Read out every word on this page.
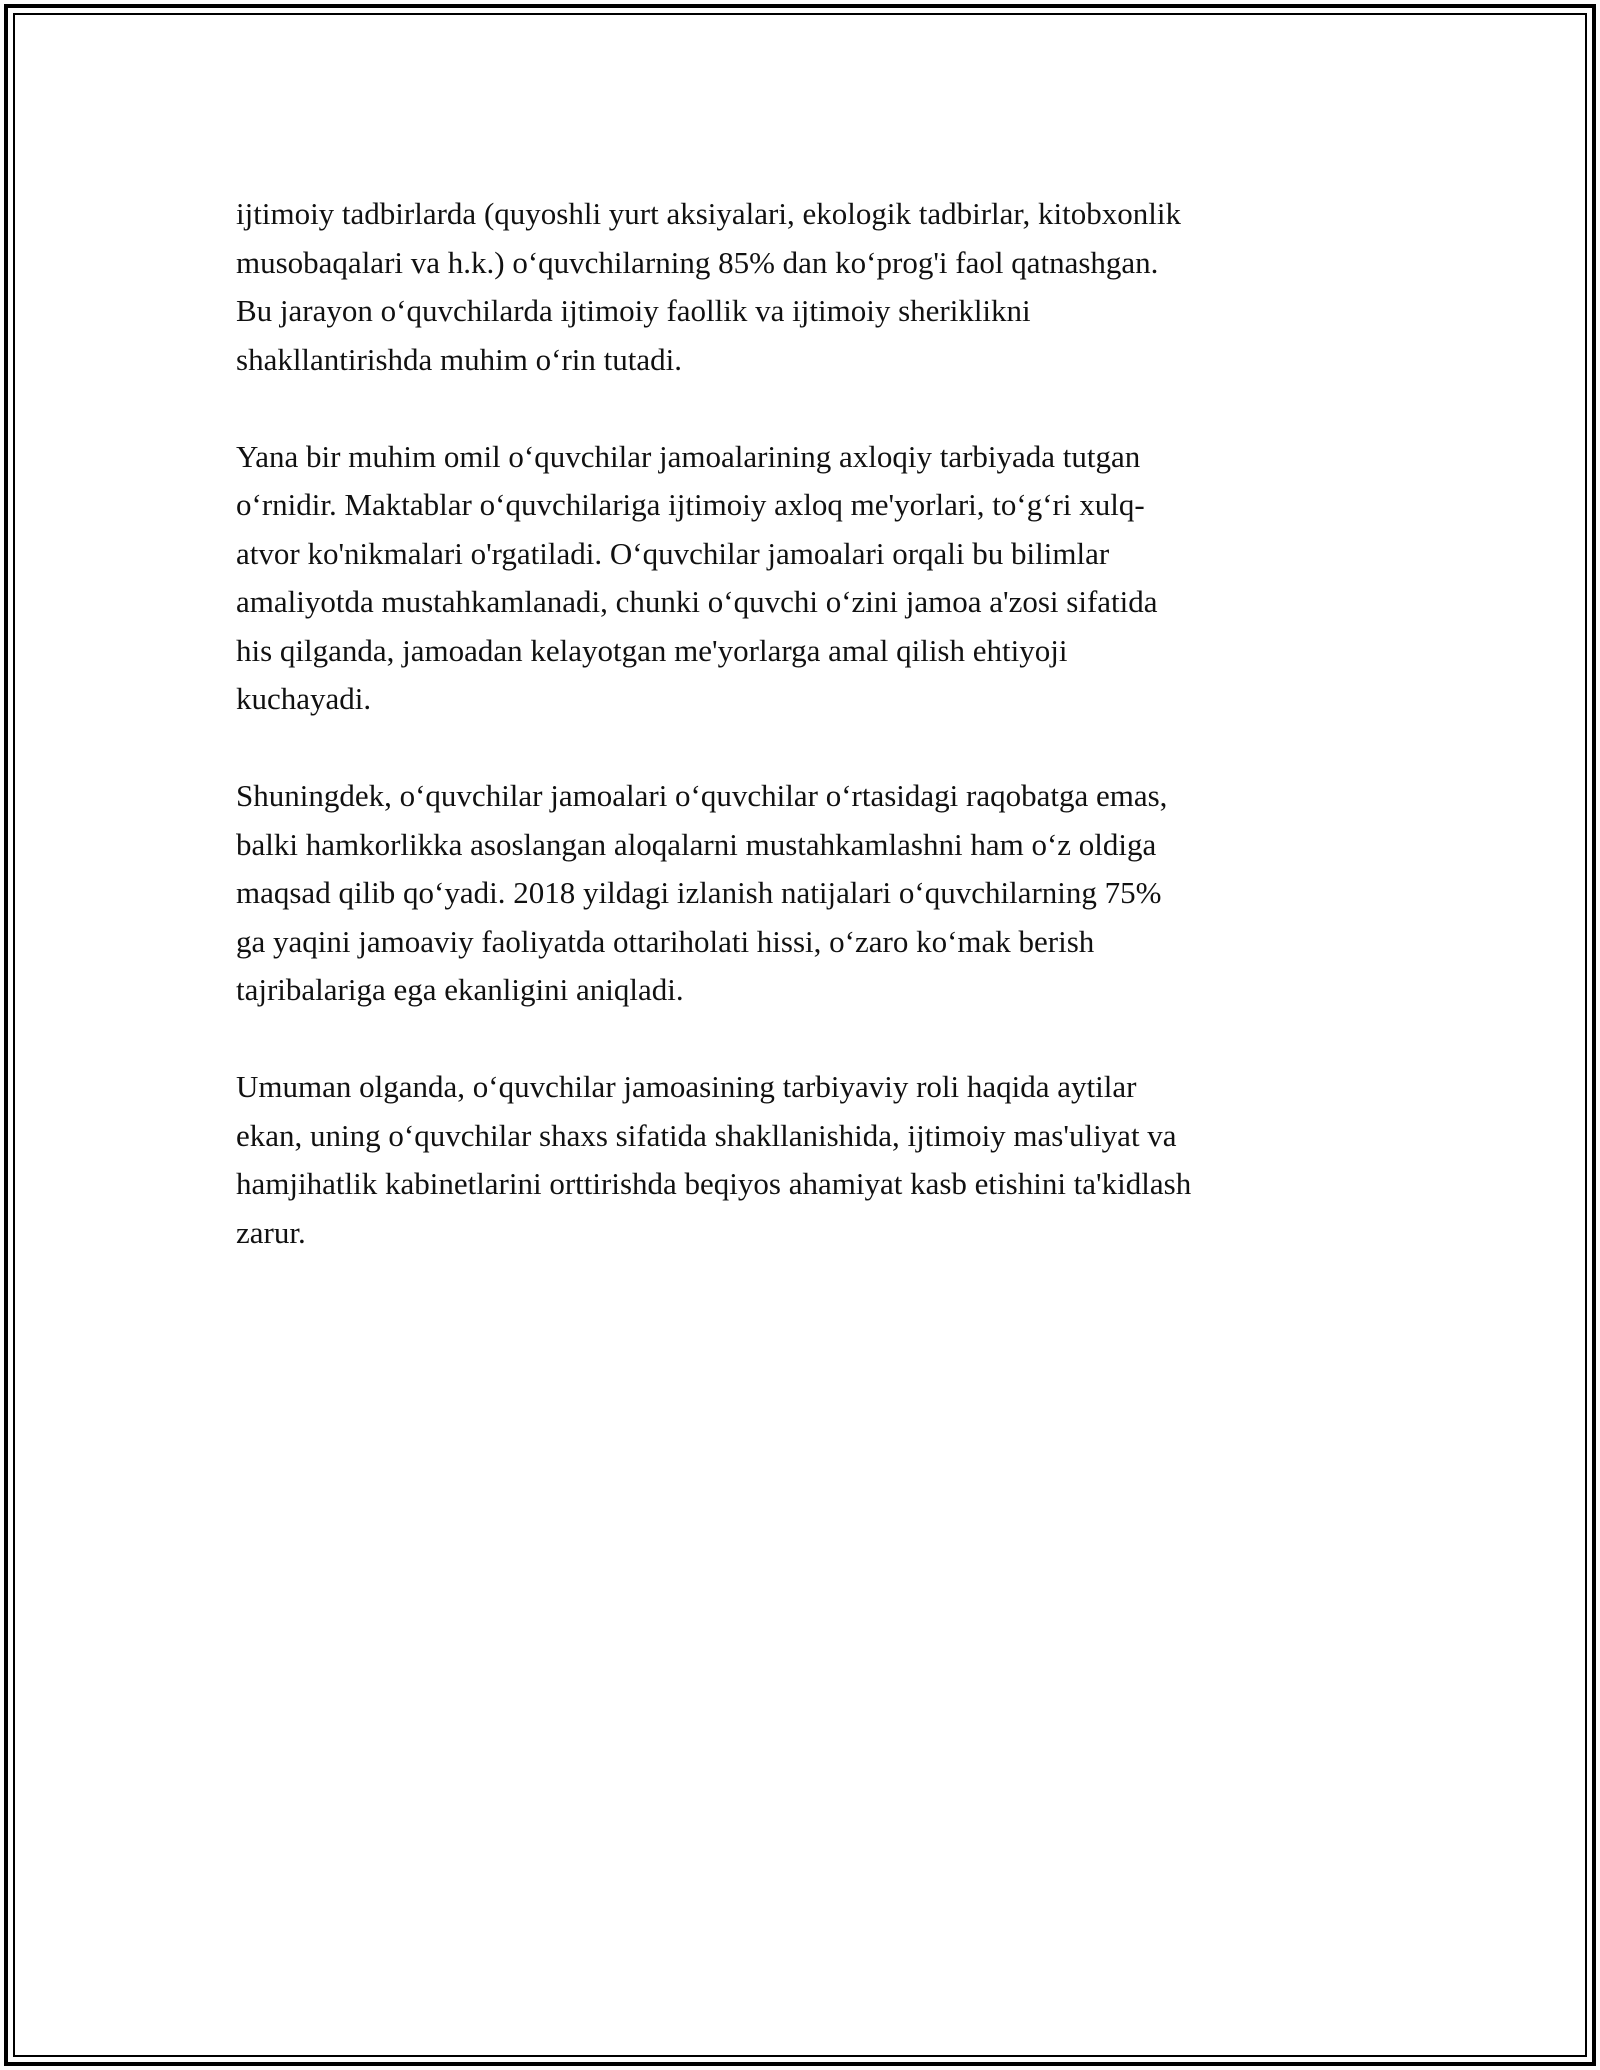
ijtimoiy tadbirlarda (quyoshli yurt aksiyalari, ekologik tadbirlar, kitobxonlik
musobaqalari va h.k.) o‘quvchilarning 85% dan ko‘prog'i faol qatnashgan.
Bu jarayon o‘quvchilarda ijtimoiy faollik va ijtimoiy sheriklikni
shakllantirishda muhim o‘rin tutadi.

Yana bir muhim omil o‘quvchilar jamoalarining axloqiy tarbiyada tutgan
o‘rnidir. Maktablar o‘quvchilariga ijtimoiy axloq me'yorlari, to‘g‘ri xulq-
atvor ko'nikmalari o'rgatiladi. O‘quvchilar jamoalari orqali bu bilimlar
amaliyotda mustahkamlanadi, chunki o‘quvchi o‘zini jamoa a'zosi sifatida
his qilganda, jamoadan kelayotgan me'yorlarga amal qilish ehtiyoji
kuchayadi.

Shuningdek, o‘quvchilar jamoalari o‘quvchilar o‘rtasidagi raqobatga emas,
balki hamkorlikka asoslangan aloqalarni mustahkamlashni ham o‘z oldiga
maqsad qilib qo‘yadi. 2018 yildagi izlanish natijalari o‘quvchilarning 75%
ga yaqini jamoaviy faoliyatda ottariholati hissi, o‘zaro ko‘mak berish
tajribalariga ega ekanligini aniqladi.

Umuman olganda, o‘quvchilar jamoasining tarbiyaviy roli haqida aytilar
ekan, uning o‘quvchilar shaxs sifatida shakllanishida, ijtimoiy mas'uliyat va
hamjihatlik kabinetlarini orttirishda beqiyos ahamiyat kasb etishini ta'kidlash
zarur.
